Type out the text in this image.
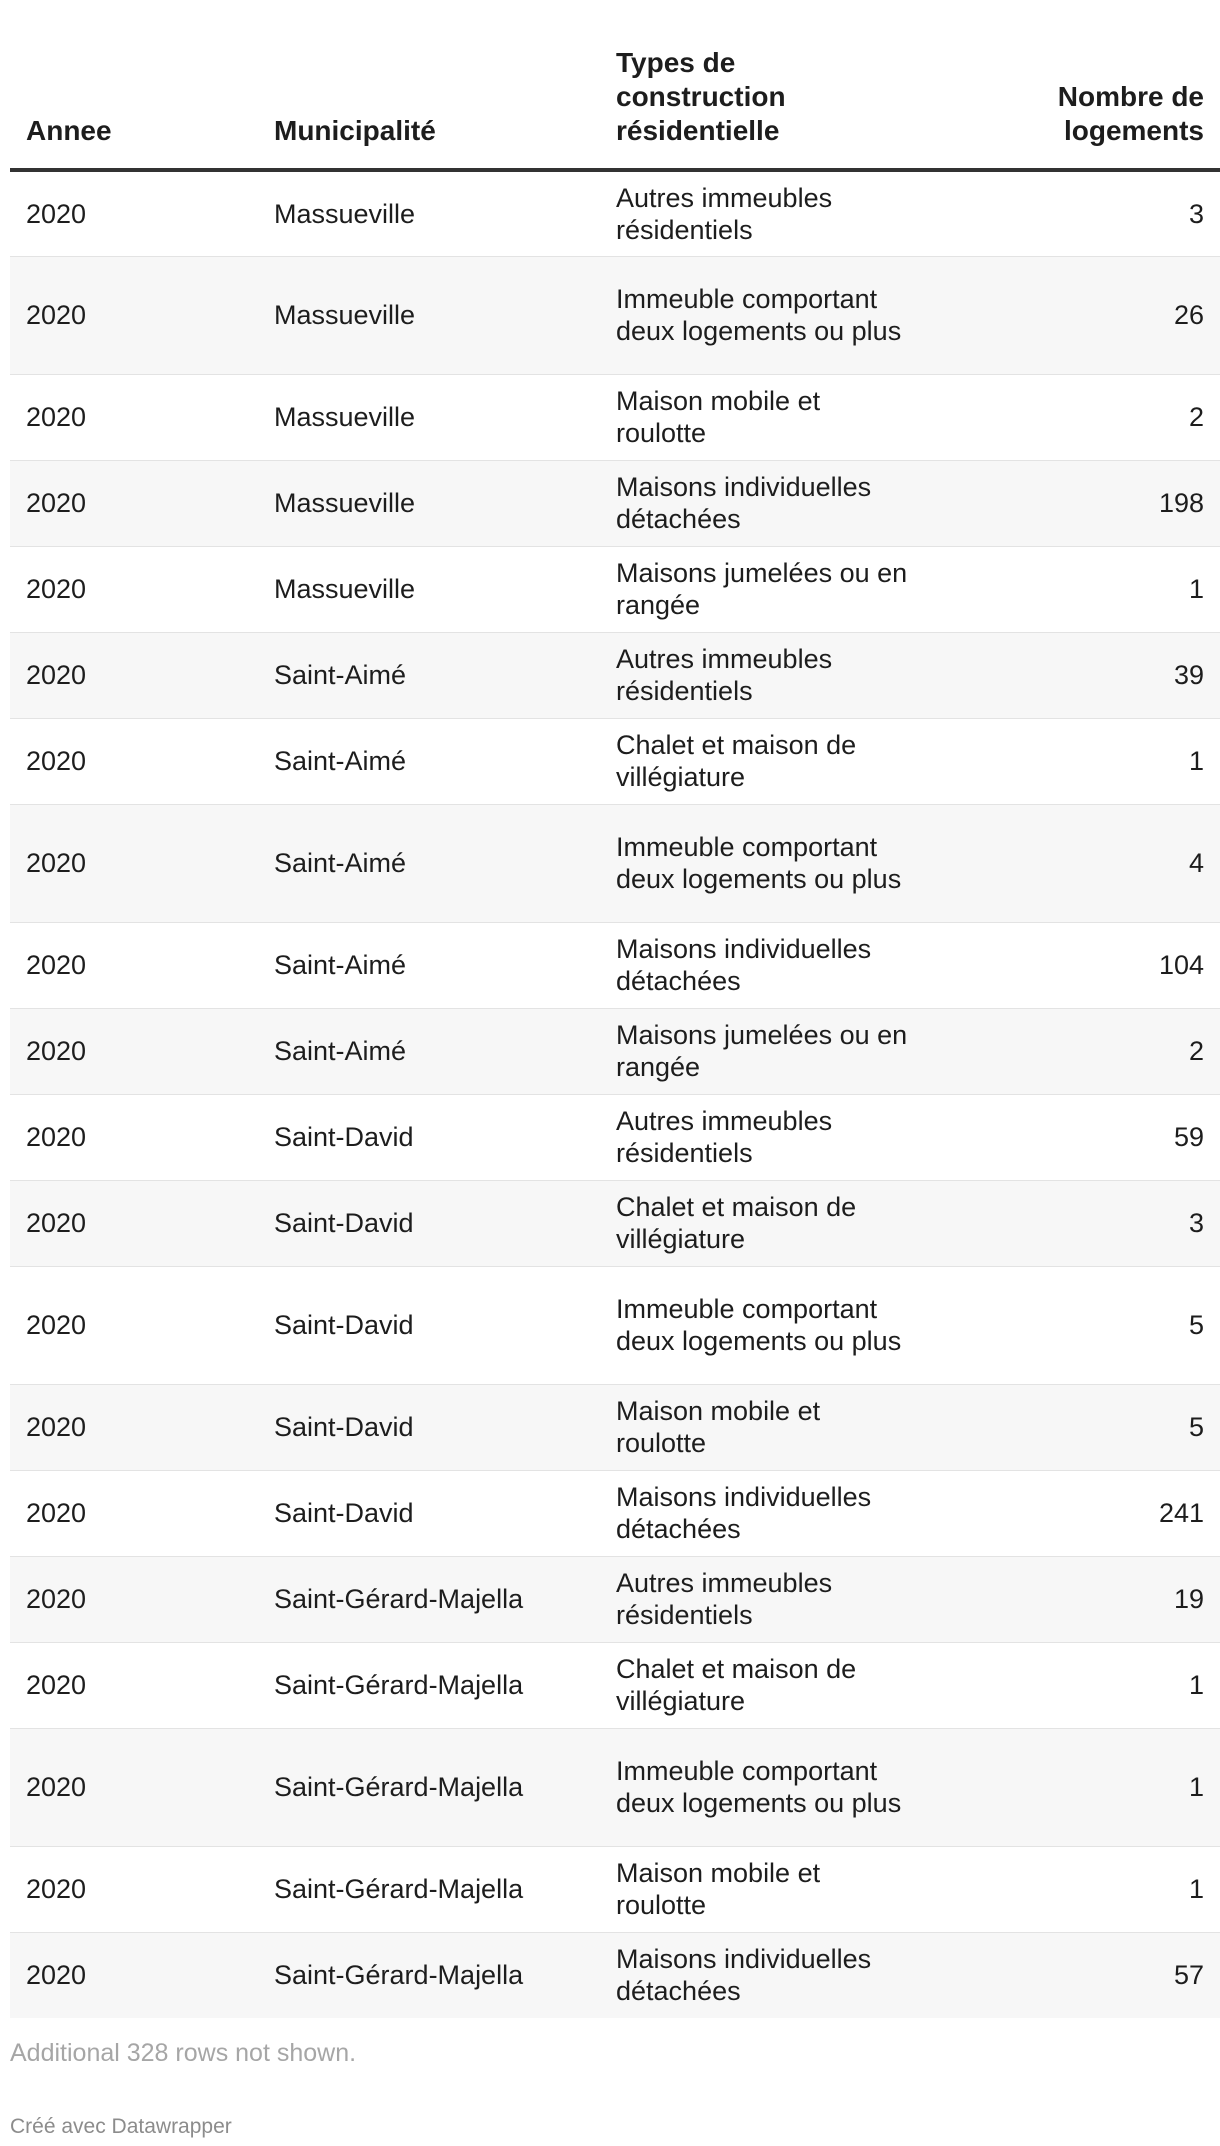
Annee	Municipalité	Types de construction résidentielle	Nombre de logements
2020	Massueville	Autres immeubles résidentiels	3
2020	Massueville	Immeuble comportant deux logements ou plus	26
2020	Massueville	Maison mobile et roulotte	2
2020	Massueville	Maisons individuelles détachées	198
2020	Massueville	Maisons jumelées ou en rangée	1
2020	Saint-Aimé	Autres immeubles résidentiels	39
2020	Saint-Aimé	Chalet et maison de villégiature	1
2020	Saint-Aimé	Immeuble comportant deux logements ou plus	4
2020	Saint-Aimé	Maisons individuelles détachées	104
2020	Saint-Aimé	Maisons jumelées ou en rangée	2
2020	Saint-David	Autres immeubles résidentiels	59
2020	Saint-David	Chalet et maison de villégiature	3
2020	Saint-David	Immeuble comportant deux logements ou plus	5
2020	Saint-David	Maison mobile et roulotte	5
2020	Saint-David	Maisons individuelles détachées	241
2020	Saint-Gérard-Majella	Autres immeubles résidentiels	19
2020	Saint-Gérard-Majella	Chalet et maison de villégiature	1
2020	Saint-Gérard-Majella	Immeuble comportant deux logements ou plus	1
2020	Saint-Gérard-Majella	Maison mobile et roulotte	1
2020	Saint-Gérard-Majella	Maisons individuelles détachées	57
Additional 328 rows not shown.
Créé avec Datawrapper
